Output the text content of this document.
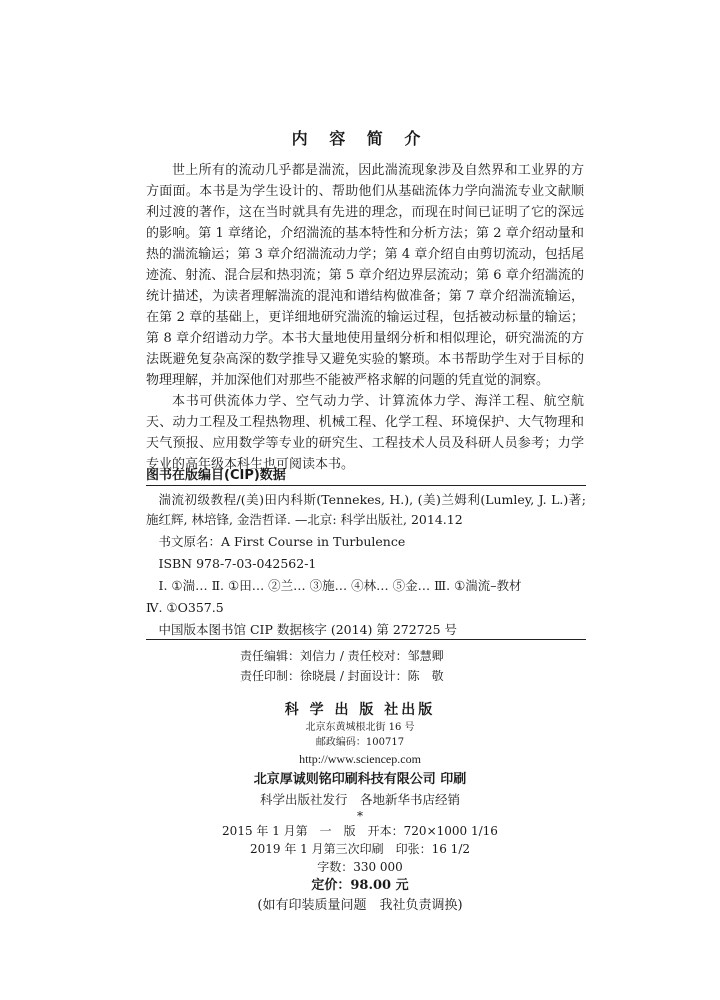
内 容 简 介

世上所有的流动几乎都是湍流，因此湍流现象涉及自然界和工业界的方方面面。本书是为学生设计的、帮助他们从基础流体力学向湍流专业文献顺利过渡的著作，这在当时就具有先进的理念，而现在时间已证明了它的深远的影响。第 1 章绪论，介绍湍流的基本特性和分析方法；第 2 章介绍动量和热的湍流输运；第 3 章介绍湍流动力学；第 4 章介绍自由剪切流动，包括尾迹流、射流、混合层和热羽流；第 5 章介绍边界层流动；第 6 章介绍湍流的统计描述，为读者理解湍流的混沌和谱结构做准备；第 7 章介绍湍流输运，在第 2 章的基础上，更详细地研究湍流的输运过程，包括被动标量的输运；第 8 章介绍谱动力学。本书大量地使用量纲分析和相似理论，研究湍流的方法既避免复杂高深的数学推导又避免实验的繁琐。本书帮助学生对于目标的物理理解，并加深他们对那些不能被严格求解的问题的凭直觉的洞察。

本书可供流体力学、空气动力学、计算流体力学、海洋工程、航空航天、动力工程及工程热物理、机械工程、化学工程、环境保护、大气物理和天气预报、应用数学等专业的研究生、工程技术人员及科研人员参考；力学专业的高年级本科生也可阅读本书。

图书在版编目(CIP)数据

湍流初级教程/(美)田内科斯(Tennekes, H.), (美)兰姆利(Lumley, J. L.)著; 施红辉, 林培锋, 金浩哲译. —北京: 科学出版社, 2014.12

书文原名：A First Course in Turbulence

ISBN 978-7-03-042562-1

Ⅰ. ①湍… Ⅱ. ①田… ②兰… ③施… ④林… ⑤金… Ⅲ. ①湍流–教材

Ⅳ. ①O357.5

中国版本图书馆 CIP 数据核字 (2014) 第 272725 号

责任编辑：刘信力 / 责任校对：邹慧卿
责任印制：徐晓晨 / 封面设计：陈　敬
科 学 出 版 社出版
北京东黄城根北街 16 号
邮政编码：100717
http://www.sciencep.com
北京厚诚则铭印刷科技有限公司 印刷
科学出版社发行　各地新华书店经销
*
2015 年 1 月第　一　版　开本：720×1000 1/16
2019 年 1 月第三次印刷　印张：16 1/2
字数：330 000
定价：98.00 元
(如有印装质量问题　我社负责调换)
